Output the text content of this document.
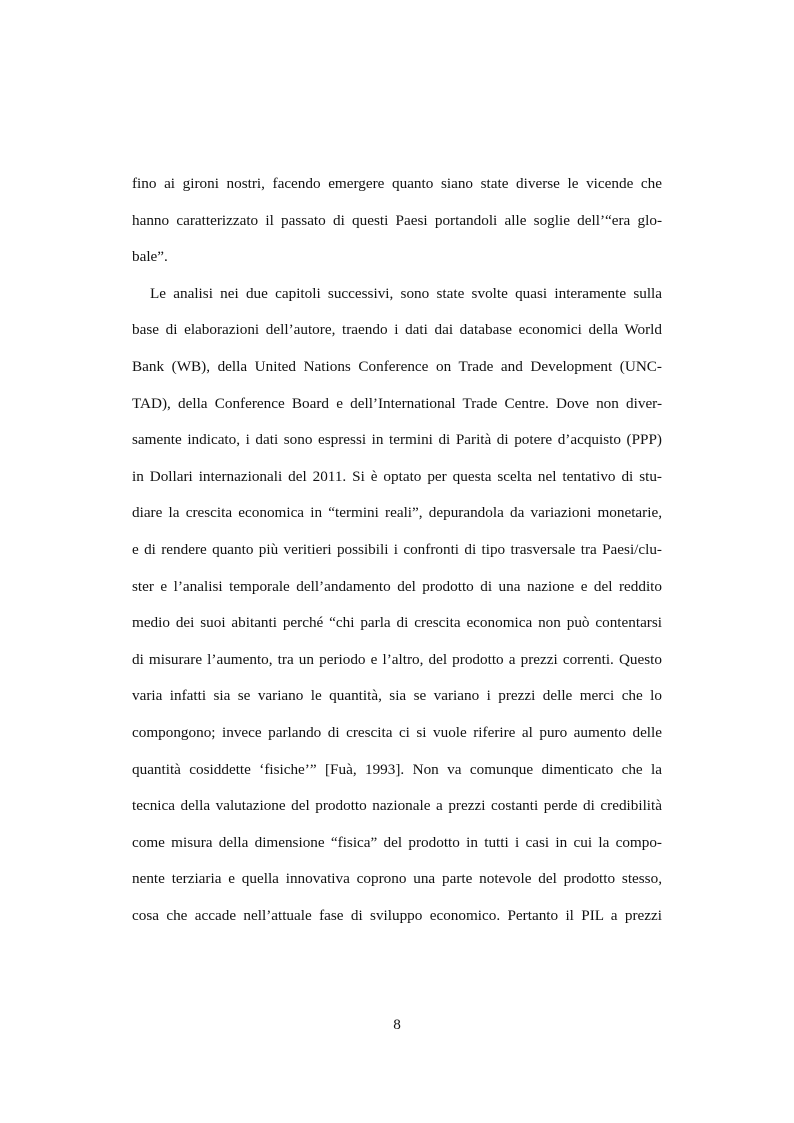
fino ai gironi nostri, facendo emergere quanto siano state diverse le vicende che
hanno caratterizzato il passato di questi Paesi portandoli alle soglie dell’“era glo-
bale”.
Le analisi nei due capitoli successivi, sono state svolte quasi interamente sulla
base di elaborazioni dell’autore, traendo i dati dai database economici della World
Bank (WB), della United Nations Conference on Trade and Development (UNC-
TAD), della Conference Board e dell’International Trade Centre. Dove non diver-
samente indicato, i dati sono espressi in termini di Parità di potere d’acquisto (PPP)
in Dollari internazionali del 2011. Si è optato per questa scelta nel tentativo di stu-
diare la crescita economica in “termini reali”, depurandola da variazioni monetarie,
e di rendere quanto più veritieri possibili i confronti di tipo trasversale tra Paesi/clu-
ster e l’analisi temporale dell’andamento del prodotto di una nazione e del reddito
medio dei suoi abitanti perché “chi parla di crescita economica non può contentarsi
di misurare l’aumento, tra un periodo e l’altro, del prodotto a prezzi correnti. Questo
varia infatti sia se variano le quantità, sia se variano i prezzi delle merci che lo
compongono; invece parlando di crescita ci si vuole riferire al puro aumento delle
quantità cosiddette ‘fisiche’” [Fuà, 1993]. Non va comunque dimenticato che la
tecnica della valutazione del prodotto nazionale a prezzi costanti perde di credibilità
come misura della dimensione “fisica” del prodotto in tutti i casi in cui la compo-
nente terziaria e quella innovativa coprono una parte notevole del prodotto stesso,
cosa che accade nell’attuale fase di sviluppo economico. Pertanto il PIL a prezzi
8
